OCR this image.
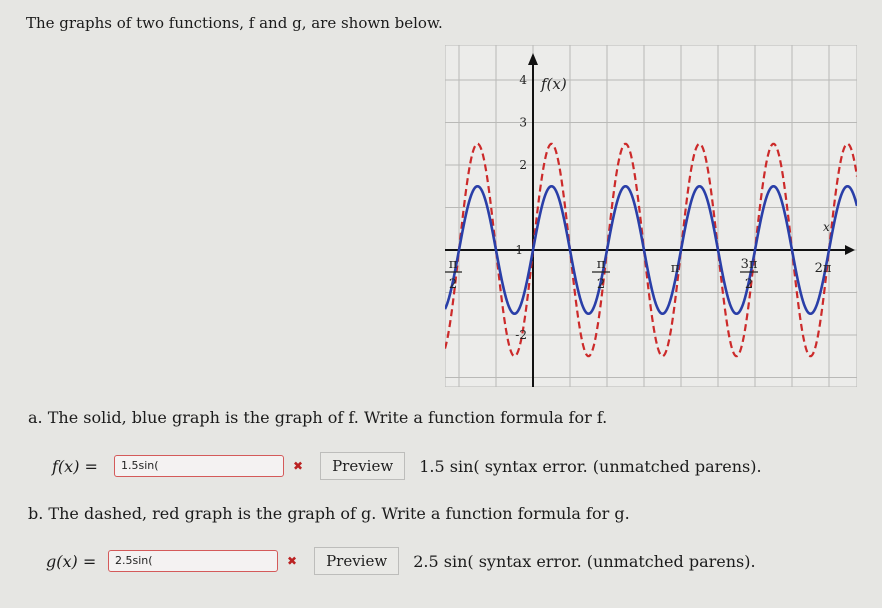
The graphs of two functions, f and g, are shown below.
f(x)
x
4
3
2
1
-2
π
2
π
2
π	3π
2
2π
a. The solid, blue graph is the graph of f. Write a function formula for f.
f(x) =	1.5sin(	✖	Preview	1.5 sin( syntax error. (unmatched parens).
b. The dashed, red graph is the graph of g. Write a function formula for g.
g(x) =	2.5sin(	✖	Preview	2.5 sin( syntax error. (unmatched parens).
